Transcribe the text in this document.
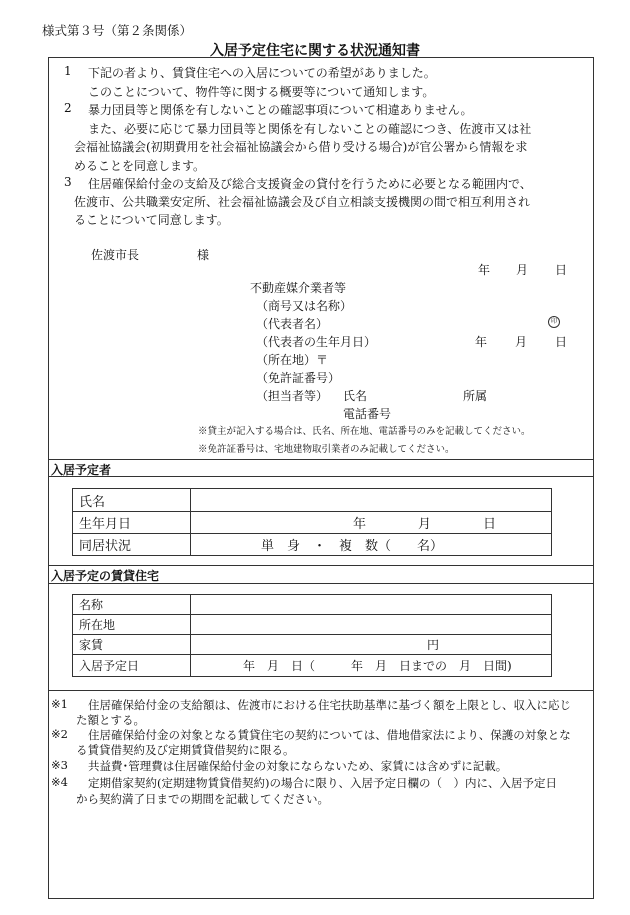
様式第３号（第２条関係）
入居予定住宅に関する状況通知書
1 下記の者より、賃貸住宅への入居についての希望がありました。
このことについて、物件等に関する概要等について通知します。
2 暴力団員等と関係を有しないことの確認事項について相違ありません。
また、必要に応じて暴力団員等と関係を有しないことの確認につき、佐渡市又は社
会福祉協議会(初期費用を社会福祉協議会から借り受ける場合)が官公署から情報を求
めることを同意します。
3 住居確保給付金の支給及び総合支援資金の貸付を行うために必要となる範囲内で、
佐渡市、公共職業安定所、社会福祉協議会及び自立相談支援機関の間で相互利用され
ることについて同意します。
佐渡市長	様
年 月 日
不動産媒介業者等
（商号又は名称）
（代表者名）	印
（代表者の生年月日）	年 月 日
（所在地）〒
（免許証番号）
（担当者等） 氏名	所属
電話番号
※貸主が記入する場合は、氏名、所在地、電話番号のみを記載してください。
※免許証番号は、宅地建物取引業者のみ記載してください。
入居予定者
氏名	
生年月日	年 月 日
同居状況	単　身　・　複　数（　　名）
入居予定の賃貸住宅
名称	
所在地	
家賃	円
入居予定日	年　月　日（　　　年　月　日までの　月　日間)
※1 住居確保給付金の支給額は、佐渡市における住宅扶助基準に基づく額を上限とし、収入に応じ
た額とする。
※2 住居確保給付金の対象となる賃貸住宅の契約については、借地借家法により、保護の対象とな
る賃貸借契約及び定期賃貸借契約に限る。
※3 共益費･管理費は住居確保給付金の対象にならないため、家賃には含めずに記載。
※4 定期借家契約(定期建物賃貸借契約)の場合に限り、入居予定日欄の（　）内に、入居予定日
から契約満了日までの期間を記載してください。
